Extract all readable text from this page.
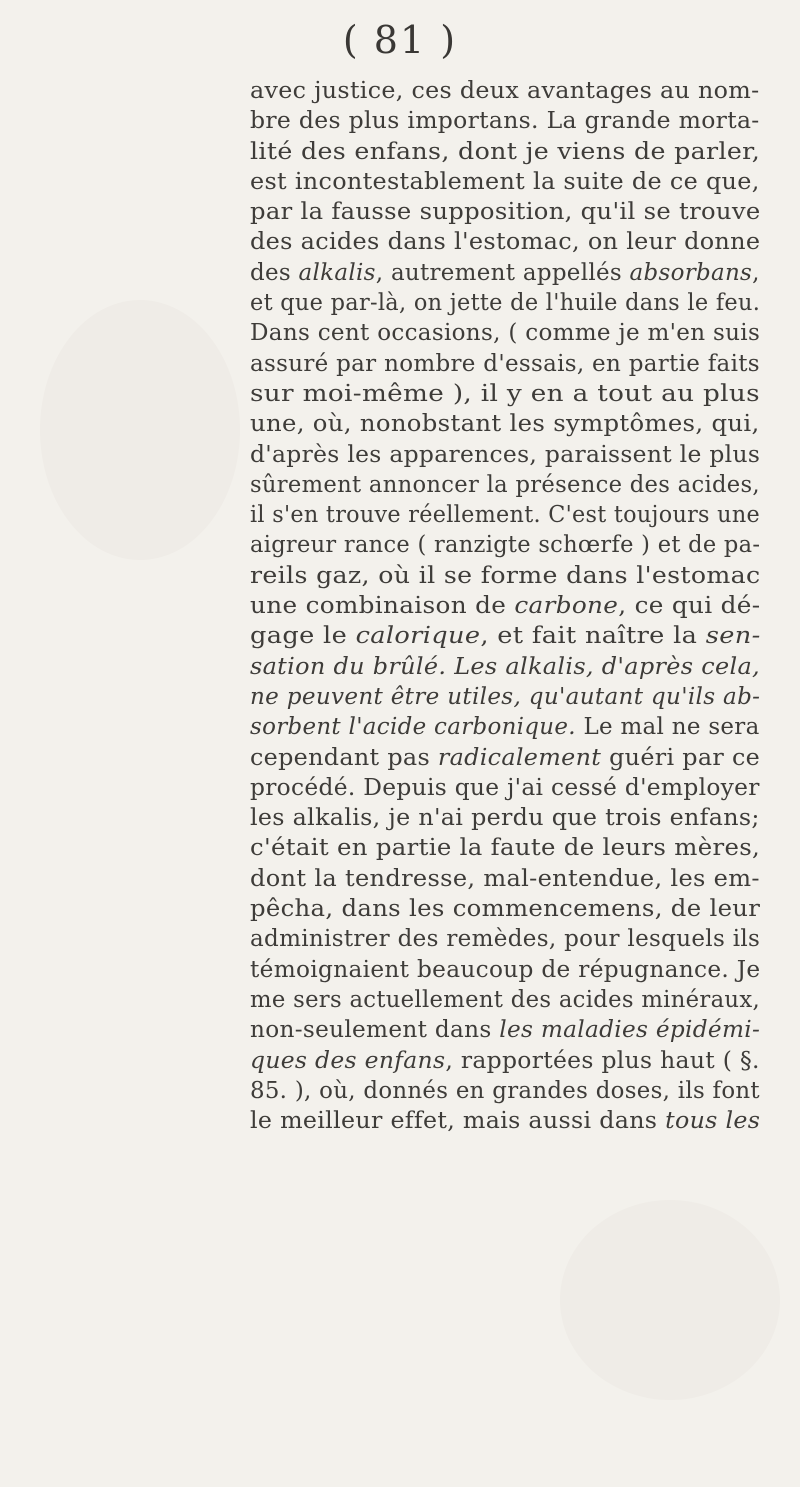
( 81 )
avec justice, ces deux avantages au nom-
bre des plus importans. La grande morta-
lité des enfans, dont je viens de parler,
est incontestablement la suite de ce que,
par la fausse supposition, qu'il se trouve
des acides dans l'estomac, on leur donne
des alkalis, autrement appellés absorbans,
et que par-là, on jette de l'huile dans le feu.
Dans cent occasions, ( comme je m'en suis
assuré par nombre d'essais, en partie faits
sur moi-même ), il y en a tout au plus
une, où, nonobstant les symptômes, qui,
d'après les apparences, paraissent le plus
sûrement annoncer la présence des acides,
il s'en trouve réellement. C'est toujours une
aigreur rance ( ranzigte schœrfe ) et de pa-
reils gaz, où il se forme dans l'estomac
une combinaison de carbone, ce qui dé-
gage le calorique, et fait naître la sen-
sation du brûlé. Les alkalis, d'après cela,
ne peuvent être utiles, qu'autant qu'ils ab-
sorbent l'acide carbonique. Le mal ne sera
cependant pas radicalement guéri par ce
procédé. Depuis que j'ai cessé d'employer
les alkalis, je n'ai perdu que trois enfans;
c'était en partie la faute de leurs mères,
dont la tendresse, mal-entendue, les em-
pêcha, dans les commencemens, de leur
administrer des remèdes, pour lesquels ils
témoignaient beaucoup de répugnance. Je
me sers actuellement des acides minéraux,
non-seulement dans les maladies épidémi-
ques des enfans, rapportées plus haut ( §.
85. ), où, donnés en grandes doses, ils font
le meilleur effet, mais aussi dans tous les
